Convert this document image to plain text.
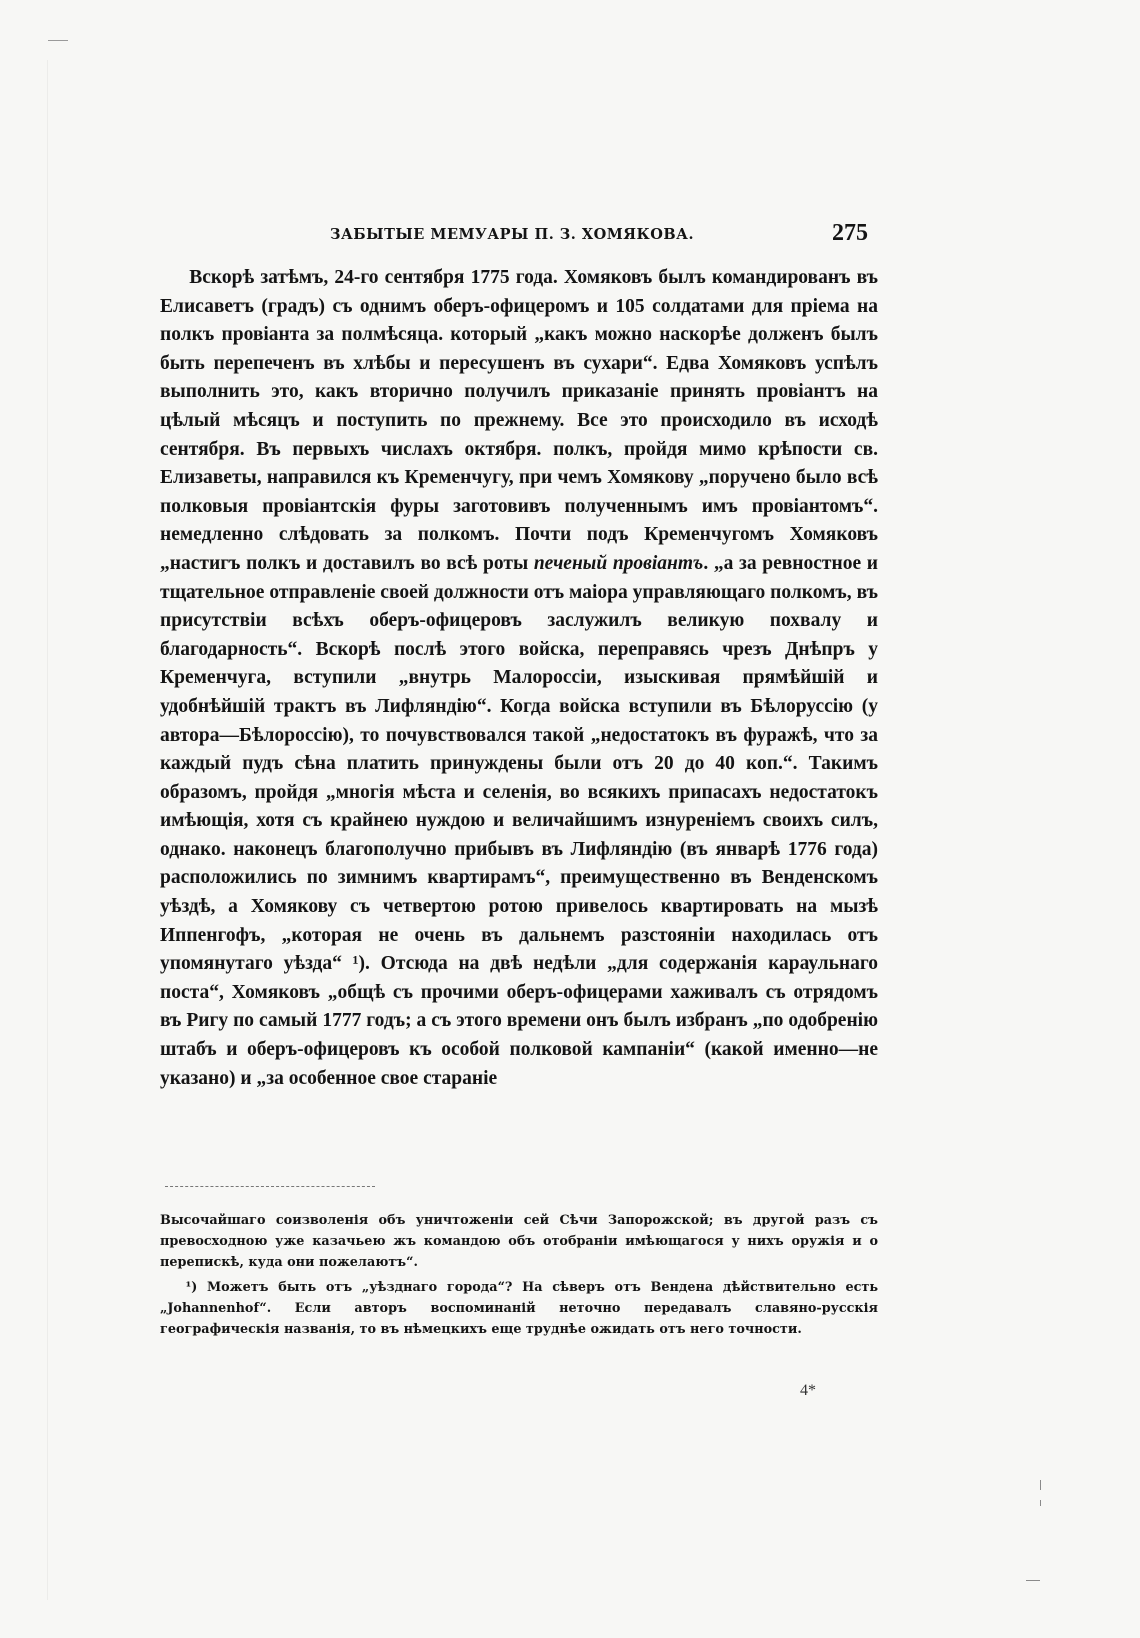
ЗАБЫТЫЕ МЕМУАРЫ П. З. ХОМЯКОВА.	275

Вскорѣ затѣмъ, 24-го сентября 1775 года. Хомяковъ былъ командированъ въ Елисаветъ (градъ) съ однимъ оберъ-офицеромъ и 105 солдатами для пріема на полкъ провіанта за полмѣсяца. который „какъ можно наскорѣе долженъ былъ быть перепеченъ въ хлѣбы и пересушенъ въ сухари“. Едва Хомяковъ успѣлъ выполнить это, какъ вторично получилъ приказаніе принять провіантъ на цѣлый мѣсяцъ и поступить по прежнему. Все это происходило въ исходѣ сентября. Въ первыхъ числахъ октября. полкъ, пройдя мимо крѣпости св. Елизаветы, направился къ Кременчугу, при чемъ Хомякову „поручено было всѣ полковыя провіантскія фуры заготовивъ полученнымъ имъ провіантомъ“. немедленно слѣдовать за полкомъ. Почти подъ Кременчугомъ Хомяковъ „настигъ полкъ и доставилъ во всѣ роты печеный провіантъ. „а за ревностное и тщательное отправленіе своей должности отъ маіора управляющаго полкомъ, въ присутствіи всѣхъ оберъ-офицеровъ заслужилъ великую похвалу и благодарность“. Вскорѣ послѣ этого войска, переправясь чрезъ Днѣпръ у Кременчуга, вступили „внутрь Малороссіи, изыскивая прямѣйшій и удобнѣйшій трактъ въ Лифляндію“. Когда войска вступили въ Бѣлоруссію (у автора—Бѣлороссію), то почувствовался такой „недостатокъ въ фуражѣ, что за каждый пудъ сѣна платить принуждены были отъ 20 до 40 коп.“. Такимъ образомъ, пройдя „многія мѣста и селенія, во всякихъ припасахъ недостатокъ имѣющія, хотя съ крайнею нуждою и величайшимъ изнуреніемъ своихъ силъ, однако. наконецъ благополучно прибывъ въ Лифляндію (въ январѣ 1776 года) расположились по зимнимъ квартирамъ“, преимущественно въ Венденскомъ уѣздѣ, а Хомякову съ четвертою ротою привелось квартировать на мызѣ Иппенгофъ, „которая не очень въ дальнемъ разстояніи находилась отъ упомянутаго уѣзда“ ¹). Отсюда на двѣ недѣли „для содержанія караульнаго поста“, Хомяковъ „общѣ съ прочими оберъ-офицерами хаживалъ съ отрядомъ въ Ригу по самый 1777 годъ; а съ этого времени онъ былъ избранъ „по одобренію штабъ и оберъ-офицеровъ къ особой полковой кампаніи“ (какой именно—не указано) и „за особенное свое стараніе

Высочайшаго соизволенія объ уничтоженіи сей Сѣчи Запорожской; въ другой разъ съ превосходною уже казачьею жъ командою объ отобраніи имѣющагося у нихъ оружія и о перепискѣ, куда они пожелаютъ“.

¹) Можетъ быть отъ „уѣзднаго города“? На сѣверъ отъ Вендена дѣйствительно есть „Johannenhof“. Если авторъ воспоминаній неточно передавалъ славяно-русскія географическія названія, то въ нѣмецкихъ еще труднѣе ожидать отъ него точности.

4*
